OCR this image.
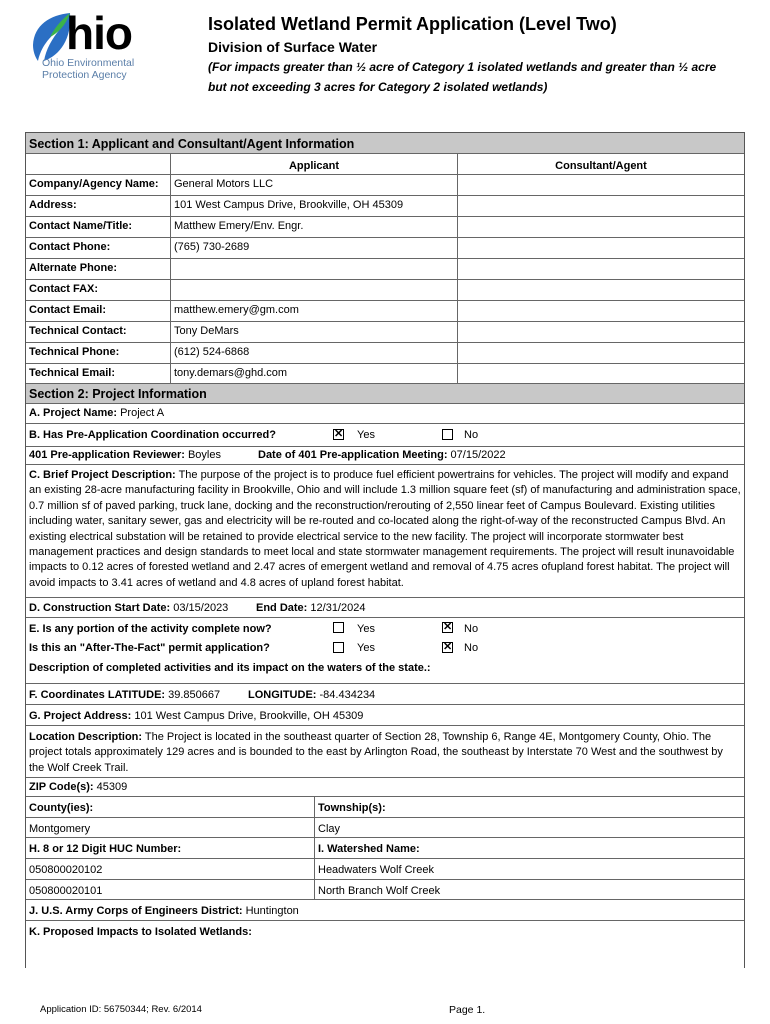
hio
Ohio Environmental
Protection Agency
Isolated Wetland Permit Application (Level Two)
Division of Surface Water
(For impacts greater than ½ acre of Category 1 isolated wetlands and greater than ½ acre
but not exceeding 3 acres for Category 2 isolated wetlands)
Section 1: Applicant and Consultant/Agent Information
Applicant	Consultant/Agent
Company/Agency Name:	General Motors LLC
Address:	101 West Campus Drive, Brookville, OH 45309
Contact Name/Title:	Matthew Emery/Env. Engr.
Contact Phone:	(765) 730-2689
Alternate Phone:
Contact FAX:
Contact Email:	matthew.emery@gm.com
Technical Contact:	Tony DeMars
Technical Phone:	(612) 524-6868
Technical Email:	tony.demars@ghd.com
Section 2: Project Information
A. Project Name: Project A
B. Has Pre-Application Coordination occurred?	✕ Yes	No
401 Pre-application Reviewer: Boyles	Date of 401 Pre-application Meeting: 07/15/2022
C. Brief Project Description: The purpose of the project is to produce fuel efficient powertrains for vehicles. The project will modify and expand an existing 28-acre manufacturing facility in Brookville, Ohio and will include 1.3 million square feet (sf) of manufacturing and administration space, 0.7 million sf of paved parking, truck lane, docking and the reconstruction/rerouting of 2,550 linear feet of Campus Boulevard. Existing utilities including water, sanitary sewer, gas and electricity will be re-routed and co-located along the right-of-way of the reconstructed Campus Blvd. An existing electrical substation will be retained to provide electrical service to the new facility. The project will incorporate stormwater best management practices and design standards to meet local and state stormwater management requirements. The project will result inunavoidable impacts to 0.12 acres of forested wetland and 2.47 acres of emergent wetland and removal of 4.75 acres ofupland forest habitat. The project will avoid impacts to 3.41 acres of wetland and 4.8 acres of upland forest habitat.
D. Construction Start Date: 03/15/2023	End Date: 12/31/2024
E. Is any portion of the activity complete now?	Yes	✕ No
Is this an "After-The-Fact" permit application?	Yes	✕ No
Description of completed activities and its impact on the waters of the state.:
F. Coordinates LATITUDE: 39.850667	LONGITUDE: -84.434234
G. Project Address: 101 West Campus Drive, Brookville, OH 45309
Location Description: The Project is located in the southeast quarter of Section 28, Township 6, Range 4E, Montgomery County, Ohio. The project totals approximately 129 acres and is bounded to the east by Arlington Road, the southeast by Interstate 70 West and the southwest by the Wolf Creek Trail.
ZIP Code(s): 45309
County(ies):	Township(s):
Montgomery	Clay
H. 8 or 12 Digit HUC Number:	I. Watershed Name:
050800020102	Headwaters Wolf Creek
050800020101	North Branch Wolf Creek
J. U.S. Army Corps of Engineers District: Huntington
K. Proposed Impacts to Isolated Wetlands:
Application ID: 56750344; Rev. 6/2014	Page 1.
